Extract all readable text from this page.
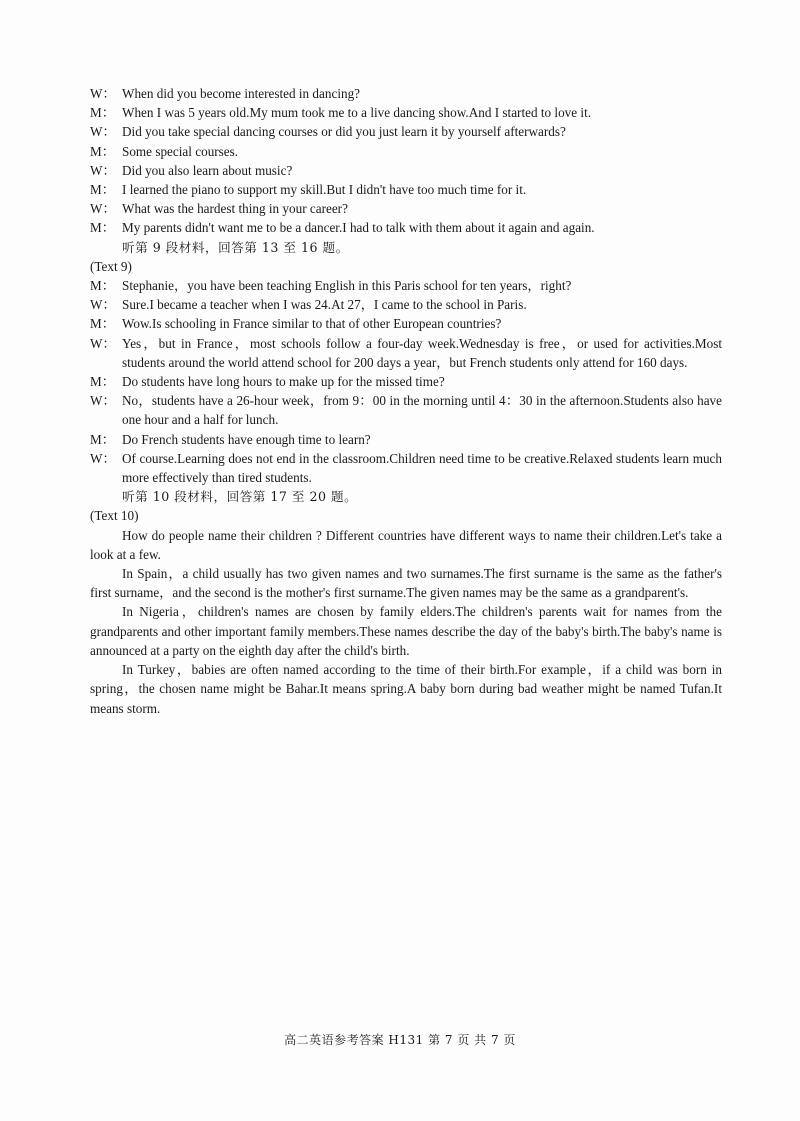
W： When did you become interested in dancing?
M： When I was 5 years old.My mum took me to a live dancing show.And I started to love it.
W： Did you take special dancing courses or did you just learn it by yourself afterwards?
M： Some special courses.
W： Did you also learn about music?
M： I learned the piano to support my skill.But I didn't have too much time for it.
W： What was the hardest thing in your career?
M： My parents didn't want me to be a dancer.I had to talk with them about it again and again.
听第 9 段材料，回答第 13 至 16 题。
(Text 9)
M： Stephanie，you have been teaching English in this Paris school for ten years，right?
W： Sure.I became a teacher when I was 24.At 27，I came to the school in Paris.
M： Wow.Is schooling in France similar to that of other European countries?
W： Yes，but in France，most schools follow a four-day week.Wednesday is free，or used for activities.Most students around the world attend school for 200 days a year，but French students only attend for 160 days.
M： Do students have long hours to make up for the missed time?
W： No，students have a 26-hour week，from 9：00 in the morning until 4：30 in the afternoon.Students also have one hour and a half for lunch.
M： Do French students have enough time to learn?
W： Of course.Learning does not end in the classroom.Children need time to be creative.Relaxed students learn much more effectively than tired students.
听第 10 段材料，回答第 17 至 20 题。
(Text 10)

How do people name their children ? Different countries have different ways to name their children.Let's take a look at a few.

In Spain，a child usually has two given names and two surnames.The first surname is the same as the father's first surname，and the second is the mother's first surname.The given names may be the same as a grandparent's.

In Nigeria，children's names are chosen by family elders.The children's parents wait for names from the grandparents and other important family members.These names describe the day of the baby's birth.The baby's name is announced at a party on the eighth day after the child's birth.

In Turkey，babies are often named according to the time of their birth.For example，if a child was born in spring，the chosen name might be Bahar.It means spring.A baby born during bad weather might be named Tufan.It means storm.

高二英语参考答案 H131 第 7 页 共 7 页
